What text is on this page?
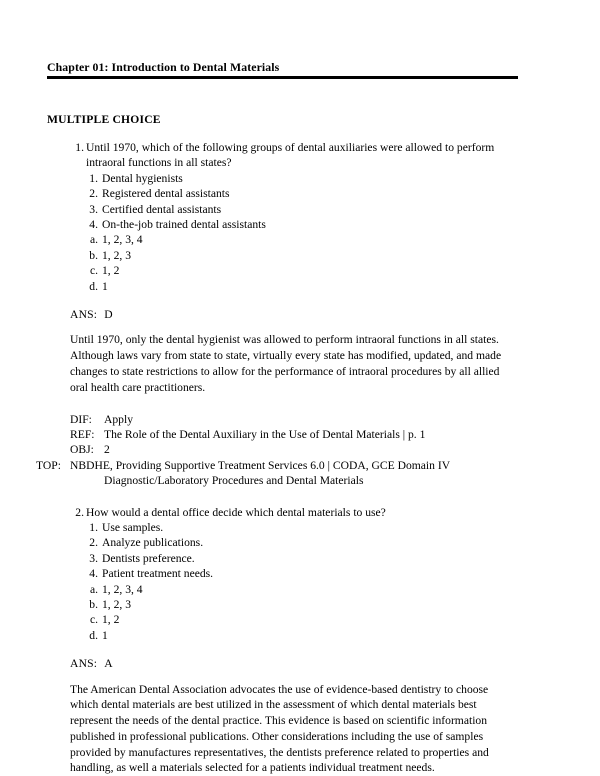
Chapter 01: Introduction to Dental Materials
MULTIPLE CHOICE
1. Until 1970, which of the following groups of dental auxiliaries were allowed to perform intraoral functions in all states?
1. Dental hygienists
2. Registered dental assistants
3. Certified dental assistants
4. On-the-job trained dental assistants
a. 1, 2, 3, 4
b. 1, 2, 3
c. 1, 2
d. 1
ANS: D
Until 1970, only the dental hygienist was allowed to perform intraoral functions in all states. Although laws vary from state to state, virtually every state has modified, updated, and made changes to state restrictions to allow for the performance of intraoral procedures by all allied oral health care practitioners.
DIF:	Apply
REF: The Role of the Dental Auxiliary in the Use of Dental Materials | p. 1
OBJ: 2
TOP: NBDHE, Providing Supportive Treatment Services 6.0 | CODA, GCE Domain IV Diagnostic/Laboratory Procedures and Dental Materials
2. How would a dental office decide which dental materials to use?
1. Use samples.
2. Analyze publications.
3. Dentists preference.
4. Patient treatment needs.
a. 1, 2, 3, 4
b. 1, 2, 3
c. 1, 2
d. 1
ANS: A
The American Dental Association advocates the use of evidence-based dentistry to choose which dental materials are best utilized in the assessment of which dental materials best represent the needs of the dental practice. This evidence is based on scientific information published in professional publications. Other considerations including the use of samples provided by manufactures representatives, the dentists preference related to properties and handling, as well a materials selected for a patients individual treatment needs.
